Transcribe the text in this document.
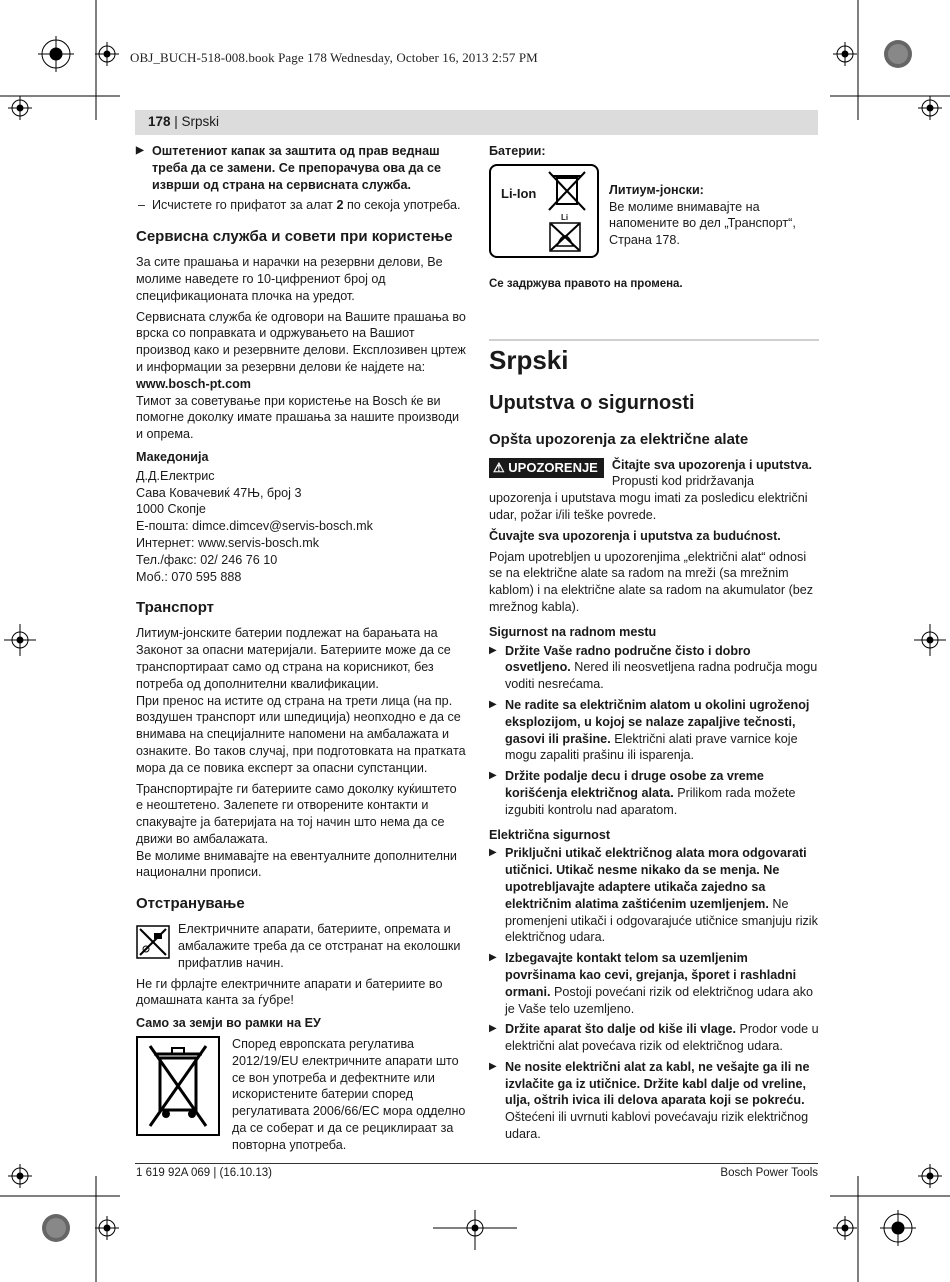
OBJ_BUCH-518-008.book Page 178 Wednesday, October 16, 2013 2:57 PM
178 | Srpski
▶ Оштетениот капак за заштита од прав веднаш треба да се замени. Се препорачува ова да се изврши од страна на сервисната служба.
– Исчистете го прифатот за алат 2 по секоја употреба.
Сервисна служба и совети при користење

За сите прашања и нарачки на резервни делови, Ве молиме наведете го 10-цифрениот број од спецификационата плочка на уредот.

Сервисната служба ќе одговори на Вашите прашања во врска со поправката и одржувањето на Вашиот производ како и резервните делови. Експлозивен цртеж и информации за резервни делови ќе најдете на:

www.bosch-pt.com

Тимот за советување при користење на Bosch ќе ви помогне доколку имате прашања за нашите производи и опрема.

Македонија

Д.Д.Електрис
Сава Ковачевиќ 47Њ, број 3
1000 Скопје
Е-пошта: dimce.dimcev@servis-bosch.mk
Интернет: www.servis-bosch.mk
Тел./факс: 02/ 246 76 10
Моб.: 070 595 888

Транспорт

Литиум-јонските батерии подлежат на барањата на Законот за опасни материјали. Батериите може да се транспортираат само од страна на корисникот, без потреба од дополнителни квалификации.
При пренос на истите од страна на трети лица (на пр. воздушен транспорт или шпедиција) неопходно е да се внимава на специјалните напомени на амбалажата и ознаките. Во таков случај, при подготовката на праткaта мора да се повика експерт за опасни супстанции.

Транспортирајте ги батериите само доколку куќиштето е неоштетено. Залепете ги отворените контакти и спакувајте ја батеријата на тој начин што нема да се движи во амбалажата.
Ве молиме внимавајте на евентуалните дополнителни национални прописи.

Отстранување
Електричните апарати, батериите, опремата и амбалажите треба да се отстранат на еколошки прифатлив начин.

Не ги фрлајте електричните апарати и батериите во домашната канта за ѓубре!

Само за земји во рамки на ЕУ
Според европската регулатива 2012/19/EU електричните апарати што се вон употреба и дефектните или искористените батерии според регулативата 2006/66/EC мора одделно да се соберат и да се рециклираат за повторна употреба.

Батерии:

Li-Ion
Li
Литиум-јонски:
Ве молиме внимавајте на напомените во дел „Транспорт“, Страна 178.

Се задржува правото на промена.

Srpski
Uputstva o sigurnosti
Opšta upozorenja za električne alate
⚠ UPOZORENJE	Čitajte sva upozorenja i uputstva. Propusti kod pridržavanja upozorenja i uputstava mogu imati za posledicu električni udar, požar i/ili teške povrede.

Čuvajte sva upozorenja i uputstva za budućnost.

Pojam upotrebljen u upozorenjima „električni alat“ odnosi se na električne alate sa radom na mreži (sa mrežnim kablom) i na električne alate sa radom na akumulator (bez mrežnog kabla).

Sigurnost na radnom mestu
▶ Držite Vaše radno područne čisto i dobro osvetljeno. Nered ili neosvetljena radna područja mogu voditi nesrećama.
▶ Ne radite sa električnim alatom u okolini ugroženoj eksplozijom, u kojoj se nalaze zapaljive tečnosti, gasovi ili prašine. Električni alati prave varnice koje mogu zapaliti prašinu ili isparenja.
▶ Držite podalje decu i druge osobe za vreme korišćenja električnog alata. Prilikom rada možete izgubiti kontrolu nad aparatom.
Električna sigurnost
▶ Priključni utikač električnog alata mora odgovarati utičnici. Utikač nesme nikako da se menja. Ne upotrebljavajte adaptere utikača zajedno sa električnim alatima zaštićenim uzemljenjem. Ne promenjeni utikači i odgovarajuće utičnice smanjuju rizik električnog udara.
▶ Izbegavajte kontakt telom sa uzemljenim površinama kao cevi, grejanja, šporet i rashladni ormani. Postoji povećani rizik od električnog udara ako je Vaše telo uzemljeno.
▶ Držite aparat što dalje od kiše ili vlage. Prodor vode u električni alat povećava rizik od električnog udara.
▶ Ne nosite električni alat za kabl, ne vešajte ga ili ne izvlačite ga iz utičnice. Držite kabl dalje od vreline, ulja, oštrih ivica ili delova aparata koji se pokreću. Oštećeni ili uvrnuti kablovi povećavaju rizik električnog udara.
1 619 92A 069 | (16.10.13)	Bosch Power Tools
